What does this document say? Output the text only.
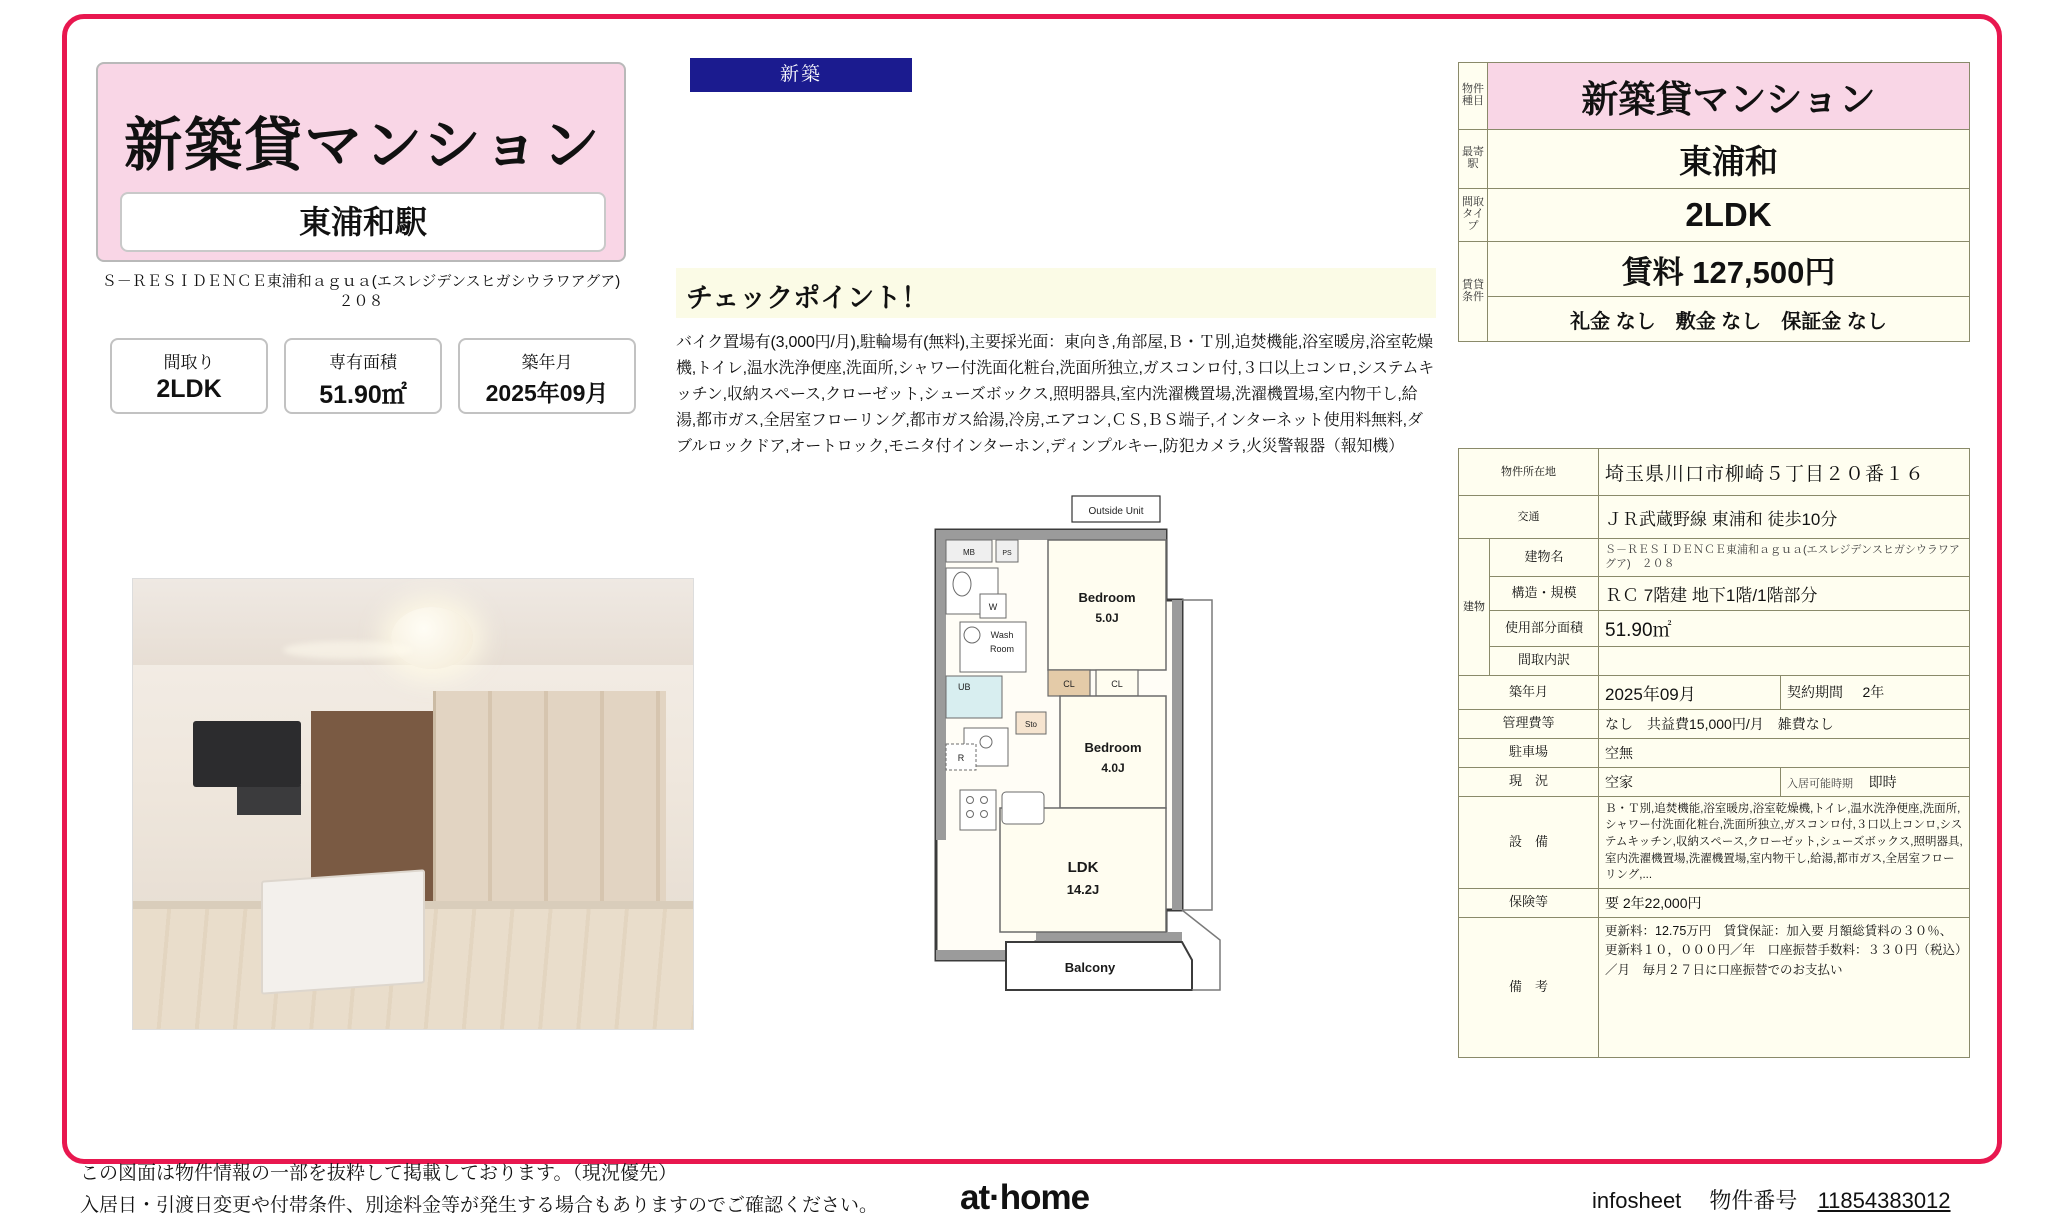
新築貸マンション
東浦和駅
Ｓ－ＲＥＳＩＤＥＮＣＥ東浦和ａｇｕａ(エスレジデンスヒガシウラワアグア)
２０８
間取り
2LDK
専有面積
51.90㎡
築年月
2025年09月
新築
チェックポイント！
バイク置場有(3,000円/月),駐輪場有(無料),主要採光面：東向き,角部屋,Ｂ・Ｔ別,追焚機能,浴室暖房,浴室乾燥機,トイレ,温水洗浄便座,洗面所,シャワー付洗面化粧台,洗面所独立,ガスコンロ付,３口以上コンロ,システムキッチン,収納スペース,クローゼット,シューズボックス,照明器具,室内洗濯機置場,洗濯機置場,室内物干し,給湯,都市ガス,全居室フローリング,都市ガス給湯,冷房,エアコン,ＣＳ,ＢＳ端子,インターネット使用料無料,ダブルロックドア,オートロック,モニタ付インターホン,ディンプルキー,防犯カメラ,火災警報器（報知機）
Outside Unit
Bedroom
5.0J
CL	CL
Bedroom
4.0J
LDK
14.2J
MB	PS
W
Wash
Room
UB
Sto
R
Balcony
物件種目	新築貸マンション
最寄駅	東浦和
間取タイプ	2LDK
賃貸条件	賃料 127,500円
	礼金 なし　敷金 なし　保証金 なし
物件所在地		埼玉県川口市柳崎５丁目２０番１６	
交通		ＪＲ武蔵野線 東浦和 徒歩10分	
建物	建物名	Ｓ－ＲＥＳＩＤＥＮＣＥ東浦和ａｇｕａ(エスレジデンスヒガシウラワアグア)　２０８	
	構造・規模	ＲＣ 7階建 地下1階/1階部分	
	使用部分面積	51.90㎡	
	間取内訳		
築年月		2025年09月	契約期間 2年
管理費等		なし　共益費15,000円/月　雑費なし	
駐車場		空無	
現　況		空家	入居可能時期 即時
設　備		Ｂ・Ｔ別,追焚機能,浴室暖房,浴室乾燥機,トイレ,温水洗浄便座,洗面所,シャワー付洗面化粧台,洗面所独立,ガスコンロ付,３口以上コンロ,システムキッチン,収納スペース,クローゼット,シューズボックス,照明器具,室内洗濯機置場,洗濯機置場,室内物干し,給湯,都市ガス,全居室フローリング,...	
保険等		要 2年22,000円	
備　考		更新料：12.75万円　賃貸保証：加入要 月額総賃料の３０％、更新料１０，０００円／年　口座振替手数料：３３０円（税込）／月　毎月２７日に口座振替でのお支払い	
この図面は物件情報の一部を抜粋して掲載しております。（現況優先）
入居日・引渡日変更や付帯条件、別途料金等が発生する場合もありますのでご確認ください。 at·home	infosheet 物件番号 11854383012
